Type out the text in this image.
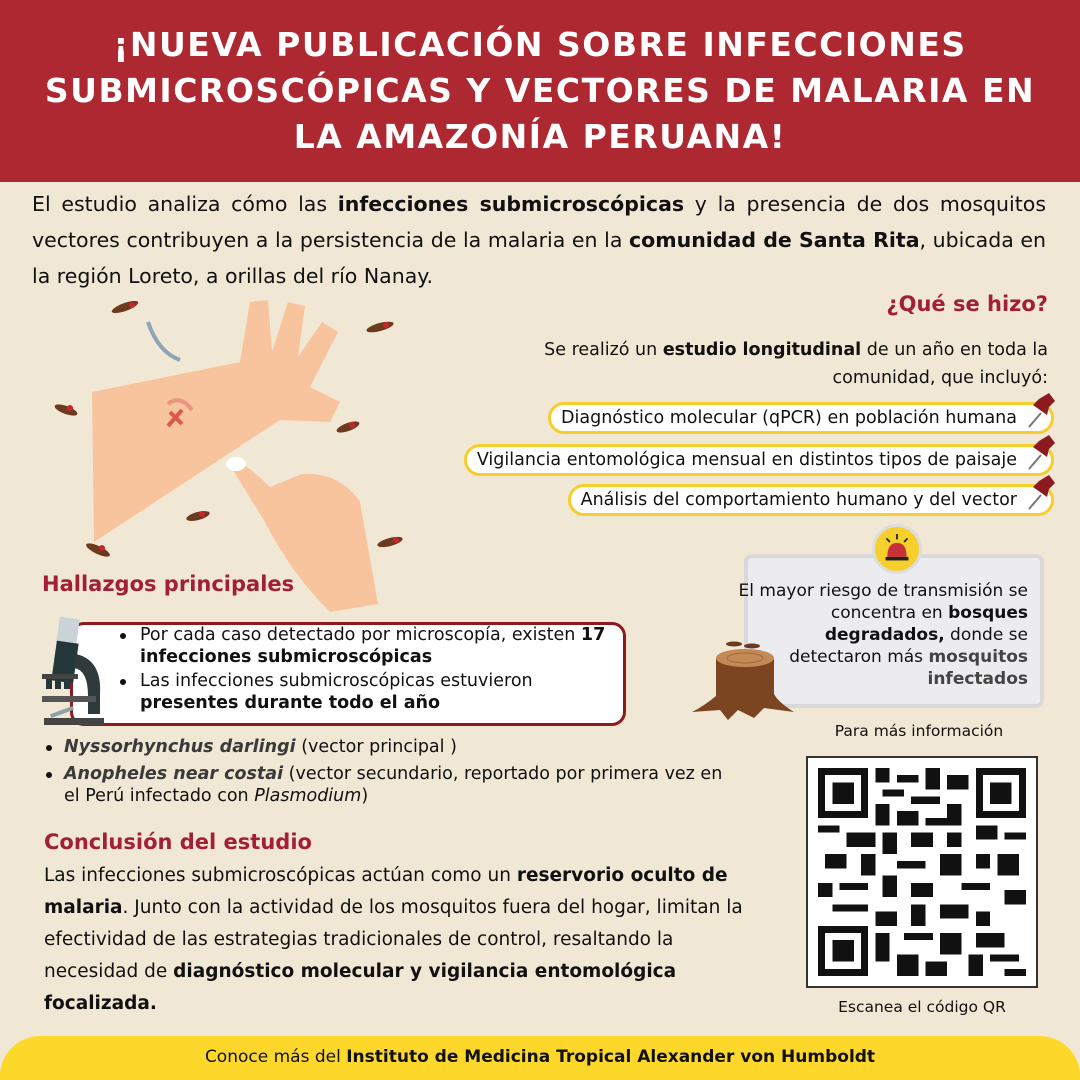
¡NUEVA PUBLICACIÓN SOBRE INFECCIONES SUBMICROSCÓPICAS Y VECTORES DE MALARIA EN LA AMAZONÍA PERUANA!

El estudio analiza cómo las infecciones submicroscópicas y la presencia de dos mosquitos vectores contribuyen a la persistencia de la malaria en la comunidad de Santa Rita, ubicada en la región Loreto, a orillas del río Nanay.

¿Qué se hizo?

Se realizó un estudio longitudinal de un año en toda la comunidad, que incluyó:

Diagnóstico molecular (qPCR) en población humana
Vigilancia entomológica mensual en distintos tipos de paisaje
Análisis del comportamiento humano y del vector
Hallazgos principales
Por cada caso detectado por microscopía, existen 17 infecciones submicroscópicas
Las infecciones submicroscópicas estuvieron presentes durante todo el año
Nyssorhynchus darlingi (vector principal )
Anopheles near costai (vector secundario, reportado por primera vez en el Perú infectado con Plasmodium)
Conclusión del estudio

Las infecciones submicroscópicas actúan como un reservorio oculto de malaria. Junto con la actividad de los mosquitos fuera del hogar, limitan la efectividad de las estrategias tradicionales de control, resaltando la necesidad de diagnóstico molecular y vigilancia entomológica focalizada.

El mayor riesgo de transmisión se concentra en bosques degradados, donde se detectaron más mosquitos infectados

Para más información
Escanea el código QR
Conoce más del Instituto de Medicina Tropical Alexander von Humboldt
